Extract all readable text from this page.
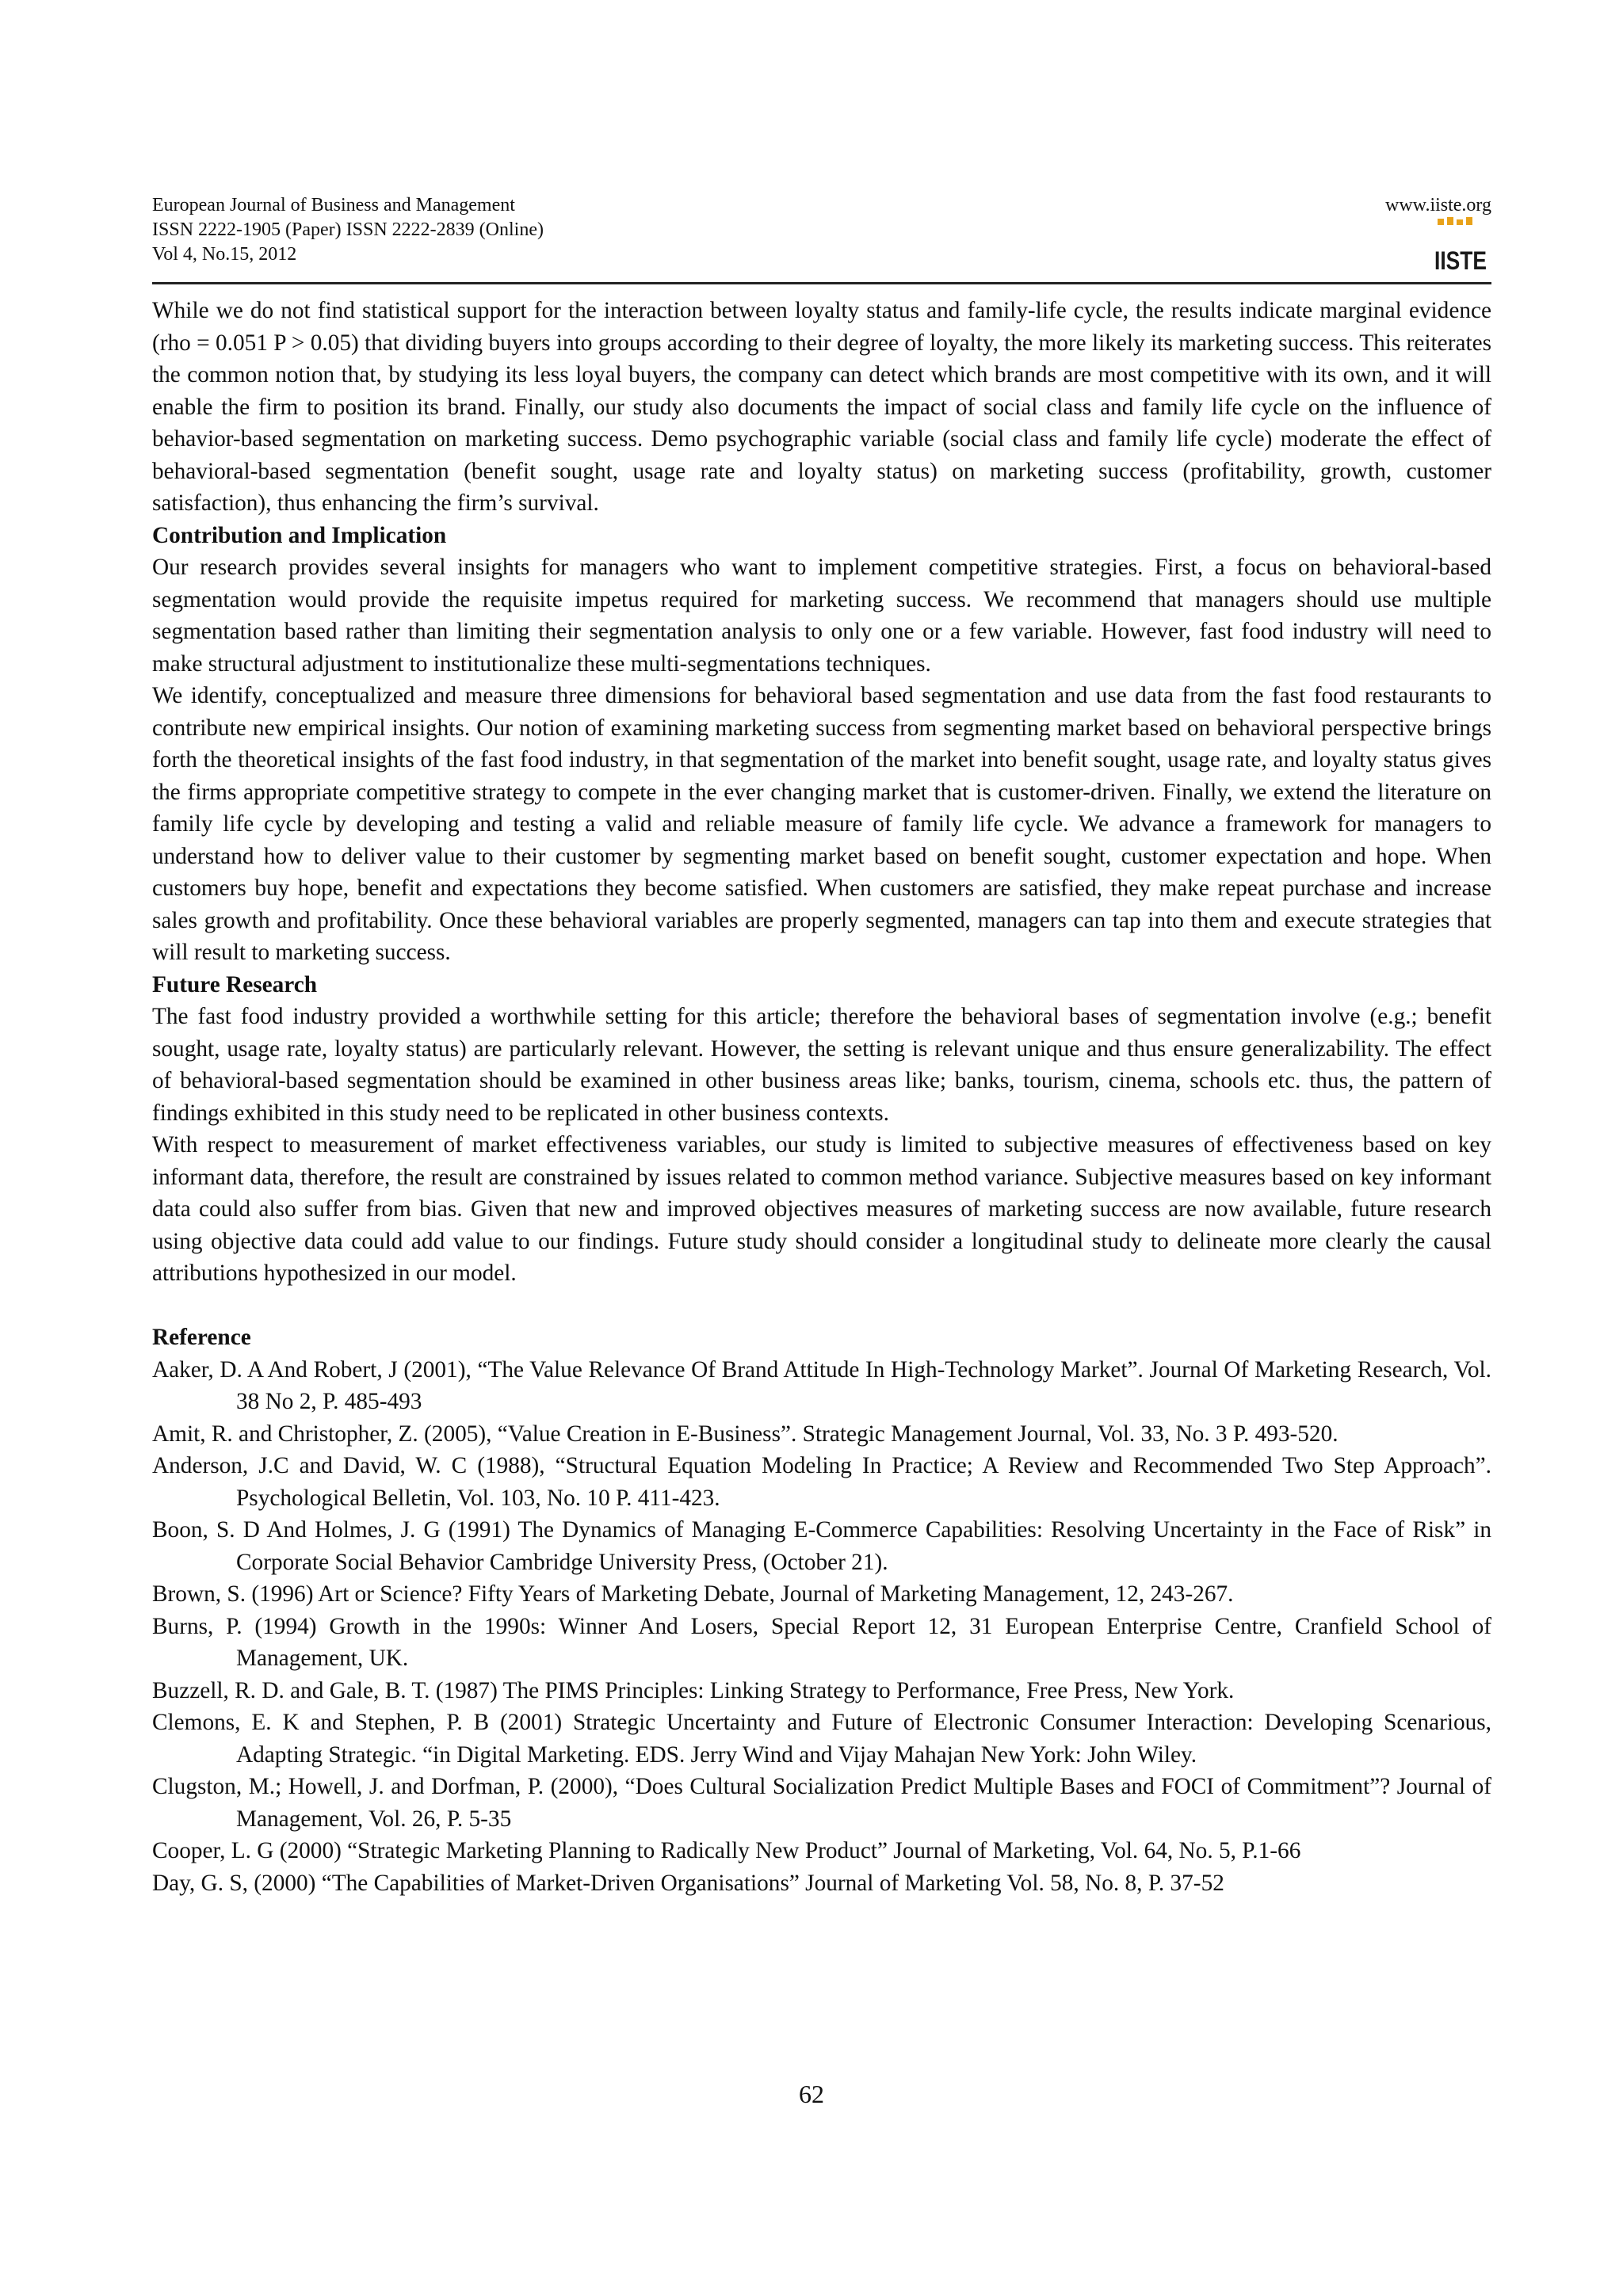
European Journal of Business and Management
ISSN 2222-1905 (Paper) ISSN 2222-2839 (Online)
Vol 4, No.15, 2012
www.iiste.org
IISTE

While we do not find statistical support for the interaction between loyalty status and family-life cycle, the results indicate marginal evidence (rho = 0.051 P > 0.05) that dividing buyers into groups according to their degree of loyalty, the more likely its marketing success. This reiterates the common notion that, by studying its less loyal buyers, the company can detect which brands are most competitive with its own, and it will enable the firm to position its brand. Finally, our study also documents the impact of social class and family life cycle on the influence of behavior-based segmentation on marketing success. Demo psychographic variable (social class and family life cycle) moderate the effect of behavioral-based segmentation (benefit sought, usage rate and loyalty status) on marketing success (profitability, growth, customer satisfaction), thus enhancing the firm’s survival.

Contribution and Implication

Our research provides several insights for managers who want to implement competitive strategies. First, a focus on behavioral-based segmentation would provide the requisite impetus required for marketing success. We recommend that managers should use multiple segmentation based rather than limiting their segmentation analysis to only one or a few variable. However, fast food industry will need to make structural adjustment to institutionalize these multi-segmentations techniques.

We identify, conceptualized and measure three dimensions for behavioral based segmentation and use data from the fast food restaurants to contribute new empirical insights. Our notion of examining marketing success from segmenting market based on behavioral perspective brings forth the theoretical insights of the fast food industry, in that segmentation of the market into benefit sought, usage rate, and loyalty status gives the firms appropriate competitive strategy to compete in the ever changing market that is customer-driven. Finally, we extend the literature on family life cycle by developing and testing a valid and reliable measure of family life cycle. We advance a framework for managers to understand how to deliver value to their customer by segmenting market based on benefit sought, customer expectation and hope. When customers buy hope, benefit and expectations they become satisfied. When customers are satisfied, they make repeat purchase and increase sales growth and profitability. Once these behavioral variables are properly segmented, managers can tap into them and execute strategies that will result to marketing success.

Future Research

The fast food industry provided a worthwhile setting for this article; therefore the behavioral bases of segmentation involve (e.g.; benefit sought, usage rate, loyalty status) are particularly relevant. However, the setting is relevant unique and thus ensure generalizability. The effect of behavioral-based segmentation should be examined in other business areas like; banks, tourism, cinema, schools etc. thus, the pattern of findings exhibited in this study need to be replicated in other business contexts.

With respect to measurement of market effectiveness variables, our study is limited to subjective measures of effectiveness based on key informant data, therefore, the result are constrained by issues related to common method variance. Subjective measures based on key informant data could also suffer from bias. Given that new and improved objectives measures of marketing success are now available, future research using objective data could add value to our findings. Future study should consider a longitudinal study to delineate more clearly the causal attributions hypothesized in our model.

Reference

Aaker, D. A And Robert, J (2001), “The Value Relevance Of Brand Attitude In High-Technology Market”. Journal Of Marketing Research, Vol. 38 No 2, P. 485-493

Amit, R. and Christopher, Z. (2005), “Value Creation in E-Business”. Strategic Management Journal, Vol. 33, No. 3 P. 493-520.

Anderson, J.C and David, W. C (1988), “Structural Equation Modeling In Practice; A Review and Recommended Two Step Approach”. Psychological Belletin, Vol. 103, No. 10 P. 411-423.

Boon, S. D And Holmes, J. G (1991) The Dynamics of Managing E-Commerce Capabilities: Resolving Uncertainty in the Face of Risk” in Corporate Social Behavior Cambridge University Press, (October 21).

Brown, S. (1996) Art or Science? Fifty Years of Marketing Debate, Journal of Marketing Management, 12, 243-267.

Burns, P. (1994) Growth in the 1990s: Winner And Losers, Special Report 12, 31 European Enterprise Centre, Cranfield School of Management, UK.

Buzzell, R. D. and Gale, B. T. (1987) The PIMS Principles: Linking Strategy to Performance, Free Press, New York.

Clemons, E. K and Stephen, P. B (2001) Strategic Uncertainty and Future of Electronic Consumer Interaction: Developing Scenarious, Adapting Strategic. “in Digital Marketing. EDS. Jerry Wind and Vijay Mahajan New York: John Wiley.

Clugston, M.; Howell, J. and Dorfman, P. (2000), “Does Cultural Socialization Predict Multiple Bases and FOCI of Commitment”? Journal of Management, Vol. 26, P. 5-35

Cooper, L. G (2000) “Strategic Marketing Planning to Radically New Product” Journal of Marketing, Vol. 64, No. 5, P.1-66

Day, G. S, (2000) “The Capabilities of Market-Driven Organisations” Journal of Marketing Vol. 58, No. 8, P. 37-52

62
